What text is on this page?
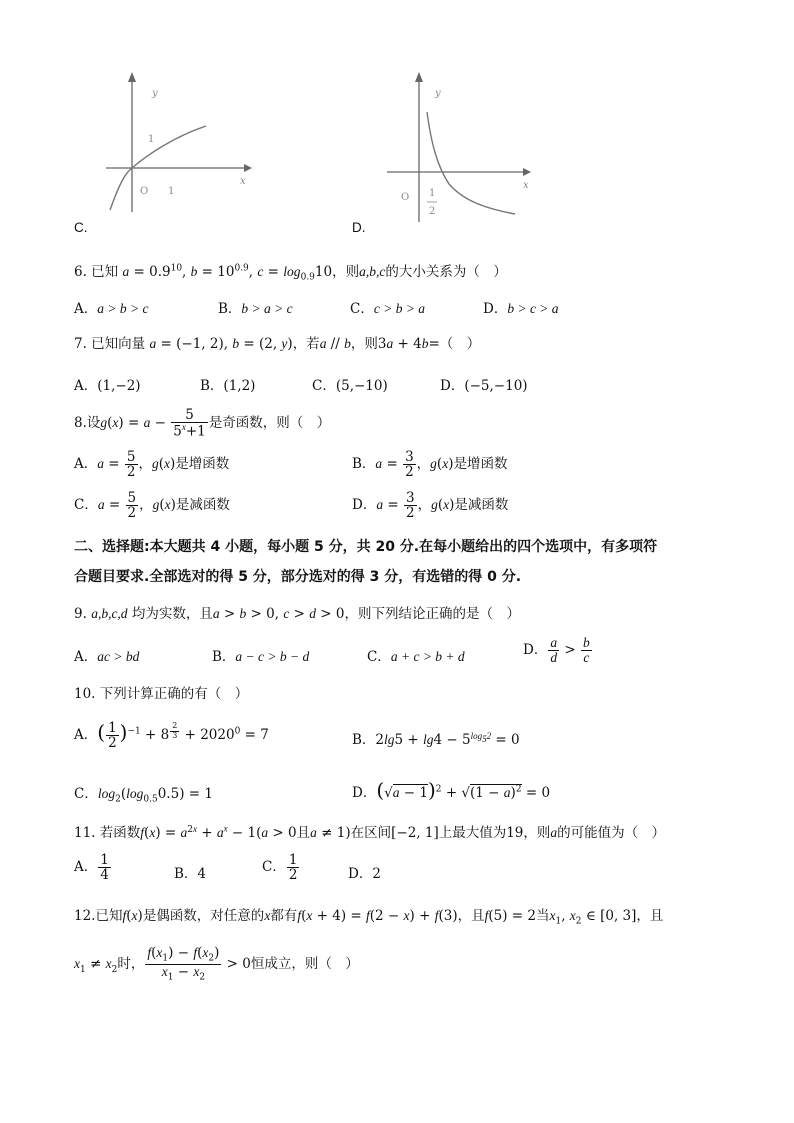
y
x
O
1
1
C.
y
x
O 1
2
D.
6. 已知 $a = 0.9^{10}$, $b = 10^{0.9}$, $c = \log_{0.9}10$，则a,b,c的大小关系为（　）
A．a > b > c	B．b > a > c	C．c > b > a	D．b > c > a
7. 已知向量 a = (−1, 2), b = (2, y)，若a // b，则3a + 4b=（　）
A．(1,−2)	B．(1,2)	C．(5,−10)	D．(−5,−10)
8.设$g(x) = a - \frac{5}{5^x+1}$ 是奇函数，则（　）
A．$a = \frac{5}{2}$ ，g(x)是增函数	B．$a = \frac{3}{2}$ ，g(x)是增函数
C．$a = \frac{5}{2}$ ，g(x)是减函数	D．$a = \frac{3}{2}$ ，g(x)是减函数
二、选择题:本大题共 4 小题，每小题 5 分，共 20 分.在每小题给出的四个选项中，有多项符
合题目要求.全部选对的得 5 分，部分选对的得 3 分，有选错的得 0 分.
9. a,b,c,d 均为实数，且a > b > 0, c > d > 0，则下列结论正确的是（　）
A．ac > bd	B．a − c > b − d	C．a + c > b + d	D． $\frac{a}{d} > \frac{b}{c}$
10. 下列计算正确的有（　）
A．( $\frac{1}{2} )^{-1} + 8$ $^{\frac{2}{3}} + 2020^0 = 7$	B．$2\lg 5 + \lg 4 - 5^{log_52} = 0$
C．$\log_2(\log_{0.5}0.5) = 1$	D．$(√a - 1)^2 + √(1 - a)^2 = 0$
11. 若函数$f(x) = a^{2x} + a^x - 1(a > 0$且a ≠ 1)在区间[−2, 1]上最大值为19，则a的可能值为（　）
A． $\frac{1}{4}$	B．4	C． $\frac{1}{2}$	D．2
12.已知f(x)是偶函数，对任意的x都有f(x + 4) = f(2 − x) + f(3)，且f(5) = 2当$x_1$, $x_2$ ∈ [0, 3]，且
$x_1 \ne x_2$时， $\frac{f(x_1) - f(x_2)}{x_1 - x_2} > 0$恒成立，则（　）
